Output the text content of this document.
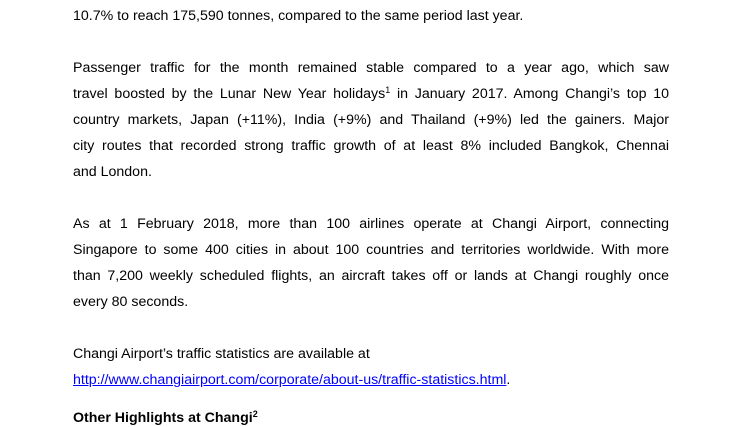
10.7% to reach 175,590 tonnes, compared to the same period last year.
Passenger traffic for the month remained stable compared to a year ago, which saw
travel boosted by the Lunar New Year holidays$^1$ in January 2017. Among Changi’s top 10
country markets, Japan (+11%), India (+9%) and Thailand (+9%) led the gainers. Major
city routes that recorded strong traffic growth of at least 8% included Bangkok, Chennai
and London.
As at 1 February 2018, more than 100 airlines operate at Changi Airport, connecting
Singapore to some 400 cities in about 100 countries and territories worldwide. With more
than 7,200 weekly scheduled flights, an aircraft takes off or lands at Changi roughly once
every 80 seconds.
Changi Airport’s traffic statistics are available at
http://www.changiairport.com/corporate/about-us/traffic-statistics.html.
Other Highlights at Changi$^2$
